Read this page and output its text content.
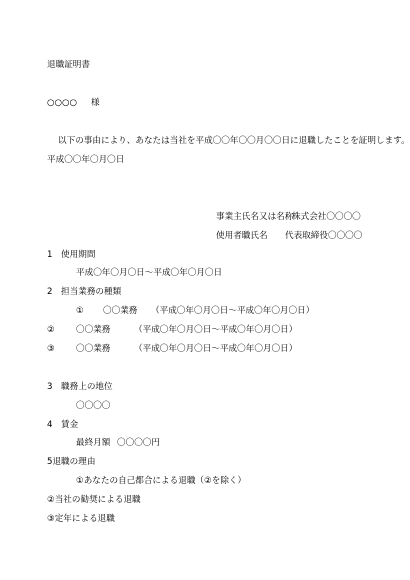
退職証明書
○○○○ 様
以下の事由により、あなたは当社を平成〇〇年〇〇月〇〇日に退職したことを証明します。
平成〇〇年〇月〇日
事業主氏名又は名称
株式会社〇〇〇〇
使用者職氏名 代表取締役〇〇〇〇
1　使用期間
平成〇年〇月〇日～平成〇年〇月〇日
2　担当業務の種類
① 〇〇業務 （平成〇年〇月〇日～平成〇年〇月〇日）
② 〇〇業務	（平成〇年〇月〇日～平成〇年〇月〇日）
③ 〇〇業務	（平成〇年〇月〇日～平成〇年〇月〇日）
3　職務上の地位
〇〇〇〇
4　賃金
最終月額 〇〇〇〇円
5退職の理由
①あなたの自己都合による退職（②を除く）
②当社の勧奨による退職
③定年による退職
